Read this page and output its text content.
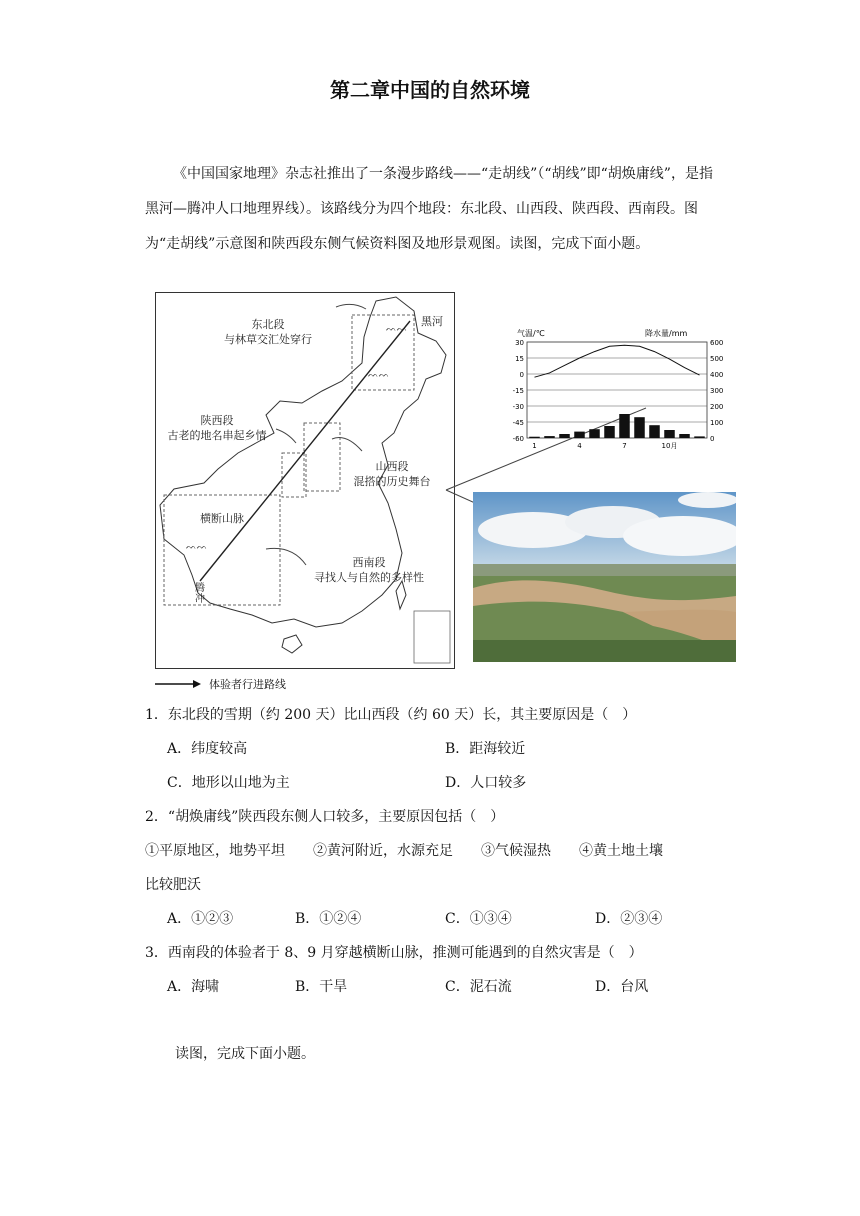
第二章中国的自然环境
《中国国家地理》杂志社推出了一条漫步路线——“走胡线”（“胡线”即“胡焕庸线”，是指黑河—腾冲人口地理界线）。该路线分为四个地段：东北段、山西段、陕西段、西南段。图为“走胡线”示意图和陕西段东侧气候资料图及地形景观图。读图，完成下面小题。
ᨓᨓ
ᨓᨓ
ᨓᨓ
东北段
与林草交汇处穿行
黑河
陕西段
古老的地名串起乡情
山西段
混搭的历史舞台
横断山脉
西南段
寻找人与自然的多样性
腾
冲
体验者行进路线
气温/℃	降水量/mm
30
15
0
-15
-30
-45
-60
600
500
400
300
200
100
0
1	4	7	10月
1．东北段的雪期（约 200 天）比山西段（约 60 天）长，其主要原因是（　）
A．纬度较高	B．距海较近
C．地形以山地为主	D．人口较多
2．“胡焕庸线”陕西段东侧人口较多，主要原因包括（　）
①平原地区，地势平坦　　②黄河附近，水源充足　　③气候湿热　　④黄土地土壤
比较肥沃
A．①②③	B．①②④	C．①③④	D．②③④
3．西南段的体验者于 8、9 月穿越横断山脉，推测可能遇到的自然灾害是（　）
A．海啸	B．干旱	C．泥石流	D．台风
读图，完成下面小题。
